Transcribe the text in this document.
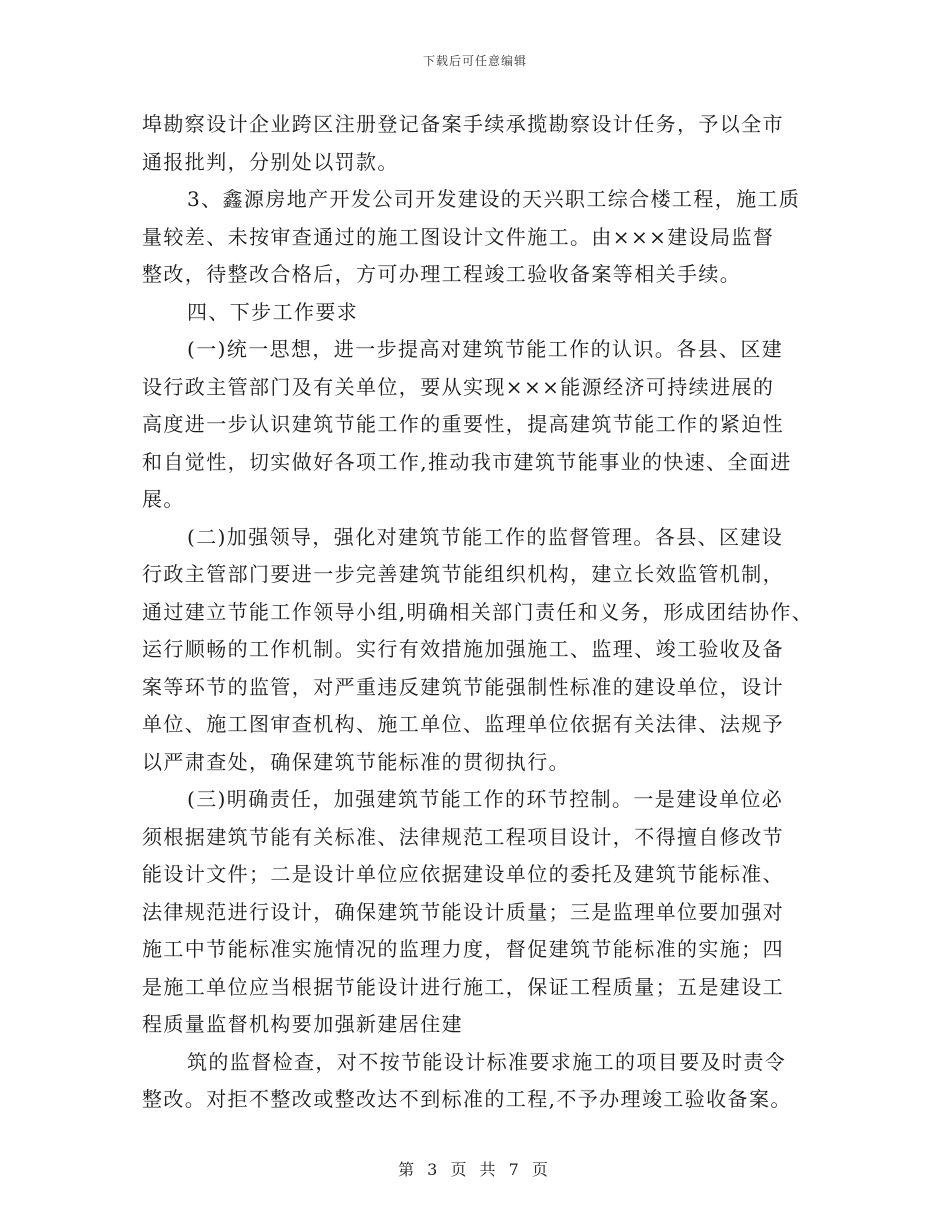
下载后可任意编辑
埠勘察设计企业跨区注册登记备案手续承揽勘察设计任务，予以全市
通报批判，分别处以罚款。
3、鑫源房地产开发公司开发建设的天兴职工综合楼工程，施工质
量较差、未按审查通过的施工图设计文件施工。由×××建设局监督
整改，待整改合格后，方可办理工程竣工验收备案等相关手续。
四、下步工作要求
(一)统一思想，进一步提高对建筑节能工作的认识。各县、区建
设行政主管部门及有关单位，要从实现×××能源经济可持续进展的
高度进一步认识建筑节能工作的重要性，提高建筑节能工作的紧迫性
和自觉性，切实做好各项工作,推动我市建筑节能事业的快速、全面进
展。
(二)加强领导，强化对建筑节能工作的监督管理。各县、区建设
行政主管部门要进一步完善建筑节能组织机构，建立长效监管机制，
通过建立节能工作领导小组,明确相关部门责任和义务，形成团结协作、
运行顺畅的工作机制。实行有效措施加强施工、监理、竣工验收及备
案等环节的监管，对严重违反建筑节能强制性标准的建设单位，设计
单位、施工图审查机构、施工单位、监理单位依据有关法律、法规予
以严肃查处，确保建筑节能标准的贯彻执行。
(三)明确责任，加强建筑节能工作的环节控制。一是建设单位必
须根据建筑节能有关标准、法律规范工程项目设计，不得擅自修改节
能设计文件；二是设计单位应依据建设单位的委托及建筑节能标准、
法律规范进行设计，确保建筑节能设计质量；三是监理单位要加强对
施工中节能标准实施情况的监理力度，督促建筑节能标准的实施；四
是施工单位应当根据节能设计进行施工，保证工程质量；五是建设工
程质量监督机构要加强新建居住建
筑的监督检查，对不按节能设计标准要求施工的项目要及时责令
整改。对拒不整改或整改达不到标准的工程,不予办理竣工验收备案。
第 3 页 共 7 页
